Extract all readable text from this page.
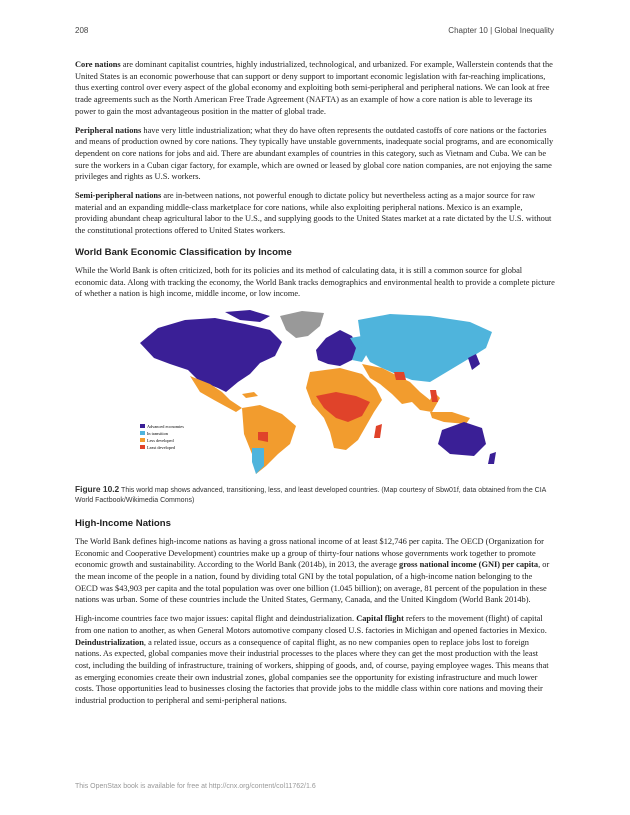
208	Chapter 10 | Global Inequality

Core nations are dominant capitalist countries, highly industrialized, technological, and urbanized. For example, Wallerstein contends that the United States is an economic powerhouse that can support or deny support to important economic legislation with far-reaching implications, thus exerting control over every aspect of the global economy and exploiting both semi-peripheral and peripheral nations. We can look at free trade agreements such as the North American Free Trade Agreement (NAFTA) as an example of how a core nation is able to leverage its power to gain the most advantageous position in the matter of global trade.

Peripheral nations have very little industrialization; what they do have often represents the outdated castoffs of core nations or the factories and means of production owned by core nations. They typically have unstable governments, inadequate social programs, and are economically dependent on core nations for jobs and aid. There are abundant examples of countries in this category, such as Vietnam and Cuba. We can be sure the workers in a Cuban cigar factory, for example, which are owned or leased by global core nation companies, are not enjoying the same privileges and rights as U.S. workers.

Semi-peripheral nations are in-between nations, not powerful enough to dictate policy but nevertheless acting as a major source for raw material and an expanding middle-class marketplace for core nations, while also exploiting peripheral nations. Mexico is an example, providing abundant cheap agricultural labor to the U.S., and supplying goods to the United States market at a rate dictated by the U.S. without the constitutional protections offered to United States workers.

World Bank Economic Classification by Income

While the World Bank is often criticized, both for its policies and its method of calculating data, it is still a common source for global economic data. Along with tracking the economy, the World Bank tracks demographics and environmental health to provide a complete picture of whether a nation is high income, middle income, or low income.

Advanced economies
In transition
Less developed
Least developed
Figure 10.2 This world map shows advanced, transitioning, less, and least developed countries. (Map courtesy of Sbw01f, data obtained from the CIA World Factbook/Wikimedia Commons)
High-Income Nations

The World Bank defines high-income nations as having a gross national income of at least $12,746 per capita. The OECD (Organization for Economic and Cooperative Development) countries make up a group of thirty-four nations whose governments work together to promote economic growth and sustainability. According to the World Bank (2014b), in 2013, the average gross national income (GNI) per capita, or the mean income of the people in a nation, found by dividing total GNI by the total population, of a high-income nation belonging to the OECD was $43,903 per capita and the total population was over one billion (1.045 billion); on average, 81 percent of the population in these nations was urban. Some of these countries include the United States, Germany, Canada, and the United Kingdom (World Bank 2014b).

High-income countries face two major issues: capital flight and deindustrialization. Capital flight refers to the movement (flight) of capital from one nation to another, as when General Motors automotive company closed U.S. factories in Michigan and opened factories in Mexico. Deindustrialization, a related issue, occurs as a consequence of capital flight, as no new companies open to replace jobs lost to foreign nations. As expected, global companies move their industrial processes to the places where they can get the most production with the least cost, including the building of infrastructure, training of workers, shipping of goods, and, of course, paying employee wages. This means that as emerging economies create their own industrial zones, global companies see the opportunity for existing infrastructure and much lower costs. Those opportunities lead to businesses closing the factories that provide jobs to the middle class within core nations and moving their industrial production to peripheral and semi-peripheral nations.

This OpenStax book is available for free at http://cnx.org/content/col11762/1.6
